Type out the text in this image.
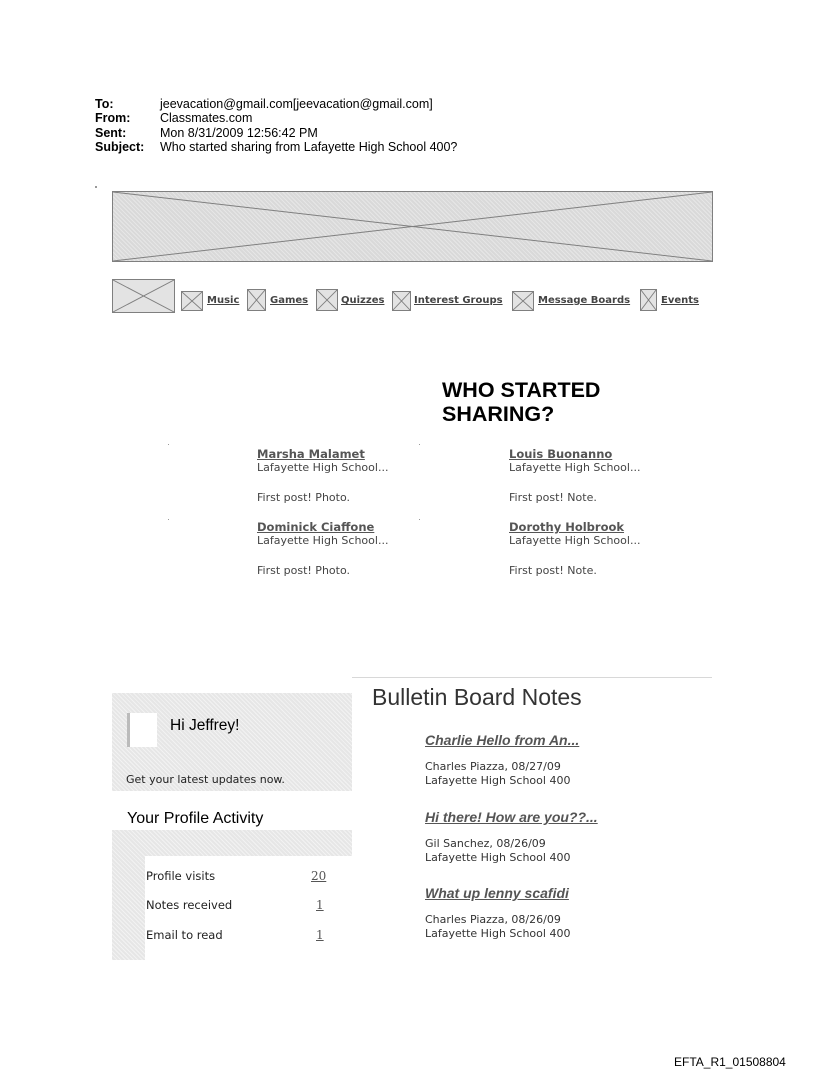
To:	jeevacation@gmail.com[jeevacation@gmail.com]
From:	Classmates.com
Sent:	Mon 8/31/2009 12:56:42 PM
Subject:	Who started sharing from Lafayette High School 400?
Music	Games	Quizzes	Interest Groups	Message Boards	Events
WHO STARTED SHARING?
Marsha Malamet
Lafayette High School...
First post! Photo.
Louis Buonanno
Lafayette High School...
First post! Note.
Dominick Ciaffone
Lafayette High School...
First post! Photo.
Dorothy Holbrook
Lafayette High School...
First post! Note.
Hi Jeffrey!
Get your latest updates now.
Your Profile Activity
Profile visits	20
Notes received	1
Email to read	1
Bulletin Board Notes
Charlie Hello from An...
Charles Piazza, 08/27/09
Lafayette High School 400
Hi there! How are you??...
Gil Sanchez, 08/26/09
Lafayette High School 400
What up lenny scafidi
Charles Piazza, 08/26/09
Lafayette High School 400
EFTA_R1_01508804
